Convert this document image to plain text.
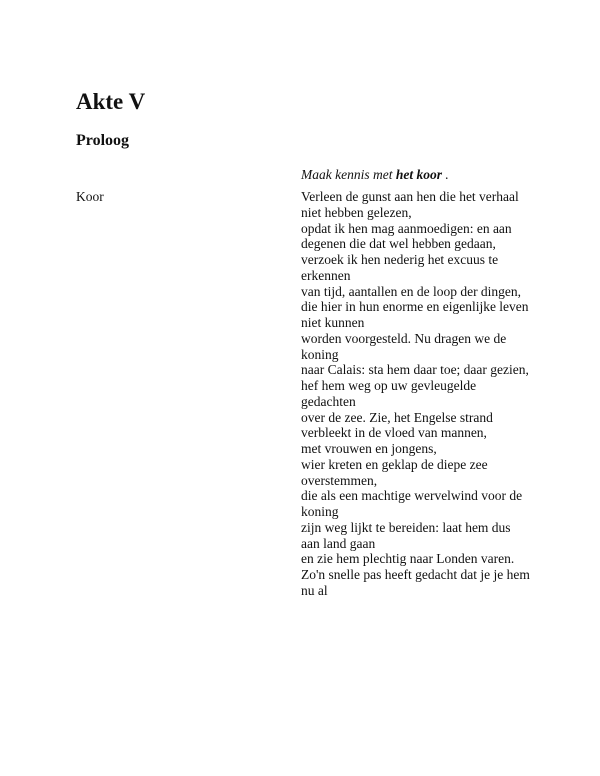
Akte V
Proloog
Maak kennis met het koor .
Koor	Verleen de gunst aan hen die het verhaal niet hebben gelezen,
opdat ik hen mag aanmoedigen: en aan degenen die dat wel hebben gedaan,
verzoek ik hen nederig het excuus te erkennen
van tijd, aantallen en de loop der dingen,
die hier in hun enorme en eigenlijke leven niet kunnen
worden voorgesteld. Nu dragen we de koning
naar Calais: sta hem daar toe; daar gezien,
hef hem weg op uw gevleugelde gedachten
over de zee. Zie, het Engelse strand
verbleekt in de vloed van mannen,
met vrouwen en jongens,
wier kreten en geklap de diepe zee overstemmen,
die als een machtige wervelwind voor de koning
zijn weg lijkt te bereiden: laat hem dus aan land gaan
en zie hem plechtig naar Londen varen.
Zo'n snelle pas heeft gedacht dat je je hem nu al
